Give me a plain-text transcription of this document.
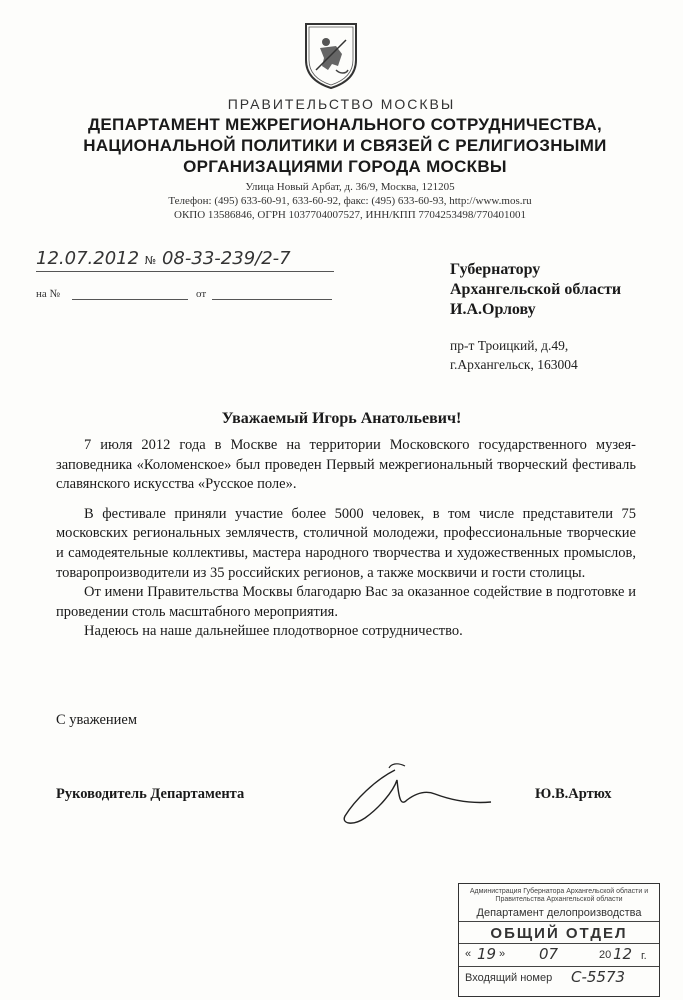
ПРАВИТЕЛЬСТВО МОСКВЫ
ДЕПАРТАМЕНТ МЕЖРЕГИОНАЛЬНОГО СОТРУДНИЧЕСТВА,
НАЦИОНАЛЬНОЙ ПОЛИТИКИ И СВЯЗЕЙ С РЕЛИГИОЗНЫМИ
ОРГАНИЗАЦИЯМИ ГОРОДА МОСКВЫ
Улица Новый Арбат, д. 36/9, Москва, 121205
Телефон: (495) 633-60-91, 633-60-92, факс: (495) 633-60-93, http://www.mos.ru
ОКПО 13586846, ОГРН 1037704007527, ИНН/КПП 7704253498/770401001
12.07.2012 № 08-33-239/2-7
на №	от
Губернатору
Архангельской области
И.А.Орлову
пр-т Троицкий, д.49,
г.Архангельск, 163004
Уважаемый Игорь Анатольевич!

7 июля 2012 года в Москве на территории Московского государственного музея-заповедника «Коломенское» был проведен Первый межрегиональный творческий фестиваль славянского искусства «Русское поле».

В фестивале приняли участие более 5000 человек, в том числе представители 75 московских региональных землячеств, столичной молодежи, профессиональные творческие и самодеятельные коллективы, мастера народного творчества и художественных промыслов, товаропроизводители из 35 российских регионов, а также москвичи и гости столицы.

От имени Правительства Москвы благодарю Вас за оказанное содействие в подготовке и проведении столь масштабного мероприятия.

Надеюсь на наше дальнейшее плодотворное сотрудничество.

С уважением
Руководитель Департамента	Ю.В.Артюх
Администрация Губернатора Архангельской области и
Правительства Архангельской области
Департамент делопроизводства
ОБЩИЙ ОТДЕЛ
« 19 » 07	20 12 г.
Входящий номер С-5573
